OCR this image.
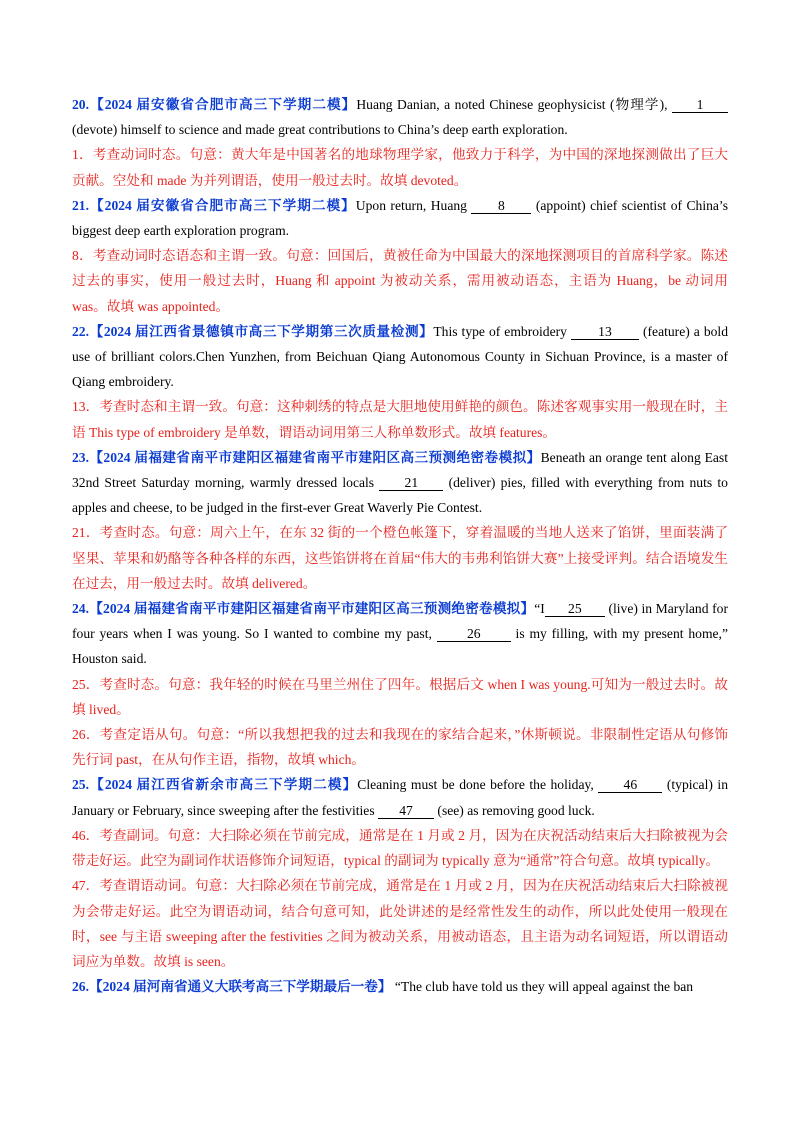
20.【2024 届安徽省合肥市高三下学期二模】Huang Danian, a noted Chinese geophysicist (物理学), 1 (devote) himself to science and made great contributions to China’s deep earth exploration.

1．考查动词时态。句意：黄大年是中国著名的地球物理学家，他致力于科学，为中国的深地探测做出了巨大贡献。空处和 made 为并列谓语，使用一般过去时。故填 devoted。

21.【2024 届安徽省合肥市高三下学期二模】Upon return, Huang 8 (appoint) chief scientist of China’s biggest deep earth exploration program.

8．考查动词时态语态和主谓一致。句意：回国后，黄被任命为中国最大的深地探测项目的首席科学家。陈述过去的事实，使用一般过去时，Huang 和 appoint 为被动关系，需用被动语态，主语为 Huang，be 动词用 was。故填 was appointed。

22.【2024 届江西省景德镇市高三下学期第三次质量检测】This type of embroidery 13 (feature) a bold use of brilliant colors.Chen Yunzhen, from Beichuan Qiang Autonomous County in Sichuan Province, is a master of Qiang embroidery.

13．考查时态和主谓一致。句意：这种刺绣的特点是大胆地使用鲜艳的颜色。陈述客观事实用一般现在时，主语 This type of embroidery 是单数，谓语动词用第三人称单数形式。故填 features。

23.【2024 届福建省南平市建阳区福建省南平市建阳区高三预测绝密卷模拟】Beneath an orange tent along East 32nd Street Saturday morning, warmly dressed locals 21 (deliver) pies, filled with everything from nuts to apples and cheese, to be judged in the first-ever Great Waverly Pie Contest.

21．考查时态。句意：周六上午，在东 32 街的一个橙色帐篷下，穿着温暖的当地人送来了馅饼，里面装满了坚果、苹果和奶酪等各种各样的东西，这些馅饼将在首届“伟大的韦弗利馅饼大赛”上接受评判。结合语境发生在过去，用一般过去时。故填 delivered。

24.【2024 届福建省南平市建阳区福建省南平市建阳区高三预测绝密卷模拟】“I 25 (live) in Maryland for four years when I was young. So I wanted to combine my past, 26 is my filling, with my present home,” Houston said.

25．考查时态。句意：我年轻的时候在马里兰州住了四年。根据后文 when I was young.可知为一般过去时。故填 lived。

26．考查定语从句。句意：“所以我想把我的过去和我现在的家结合起来，”休斯顿说。非限制性定语从句修饰先行词 past，在从句作主语，指物，故填 which。

25.【2024 届江西省新余市高三下学期二模】Cleaning must be done before the holiday, 46 (typical) in January or February, since sweeping after the festivities 47 (see) as removing good luck.

46．考查副词。句意：大扫除必须在节前完成，通常是在 1 月或 2 月，因为在庆祝活动结束后大扫除被视为会带走好运。此空为副词作状语修饰介词短语，typical 的副词为 typically 意为“通常”符合句意。故填 typically。

47．考查谓语动词。句意：大扫除必须在节前完成，通常是在 1 月或 2 月，因为在庆祝活动结束后大扫除被视为会带走好运。此空为谓语动词，结合句意可知，此处讲述的是经常性发生的动作，所以此处使用一般现在时，see 与主语 sweeping after the festivities 之间为被动关系，用被动语态，且主语为动名词短语，所以谓语动词应为单数。故填 is seen。

26.【2024 届河南省通义大联考高三下学期最后一卷】 “The club have told us they will appeal against the ban
